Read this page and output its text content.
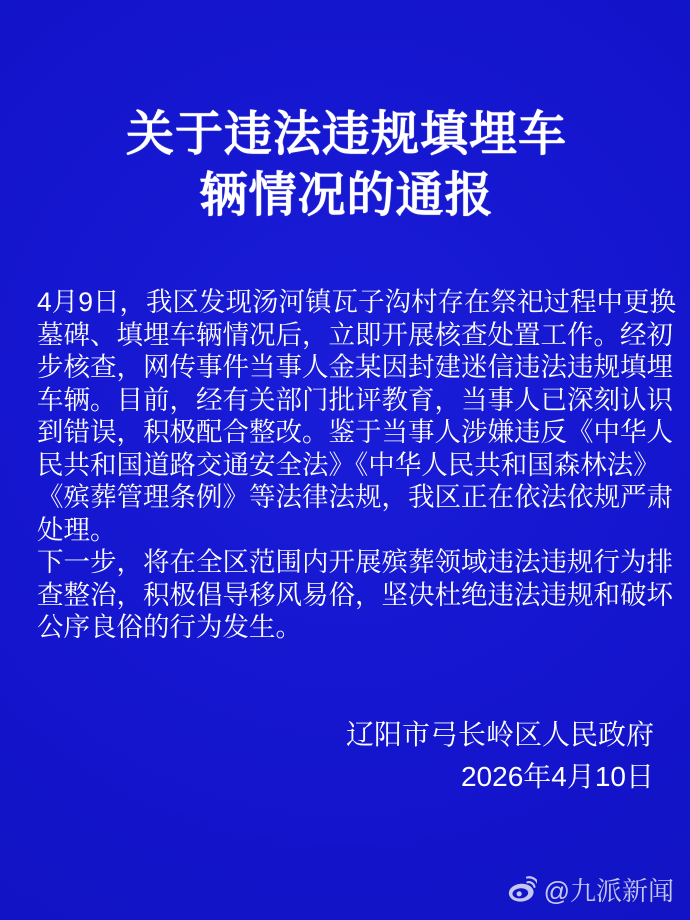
关于违法违规填埋车
辆情况的通报
4月9日，我区发现汤河镇瓦子沟村存在祭祀过程中更换
墓碑、填埋车辆情况后，立即开展核查处置工作。经初
步核查，网传事件当事人金某因封建迷信违法违规填埋
车辆。目前，经有关部门批评教育，当事人已深刻认识
到错误，积极配合整改。鉴于当事人涉嫌违反《中华人
民共和国道路交通安全法》《中华人民共和国森林法》
《殡葬管理条例》等法律法规，我区正在依法依规严肃
处理。
下一步，将在全区范围内开展殡葬领域违法违规行为排
查整治，积极倡导移风易俗，坚决杜绝违法违规和破坏
公序良俗的行为发生。
辽阳市弓长岭区人民政府
2026年4月10日
@九派新闻
